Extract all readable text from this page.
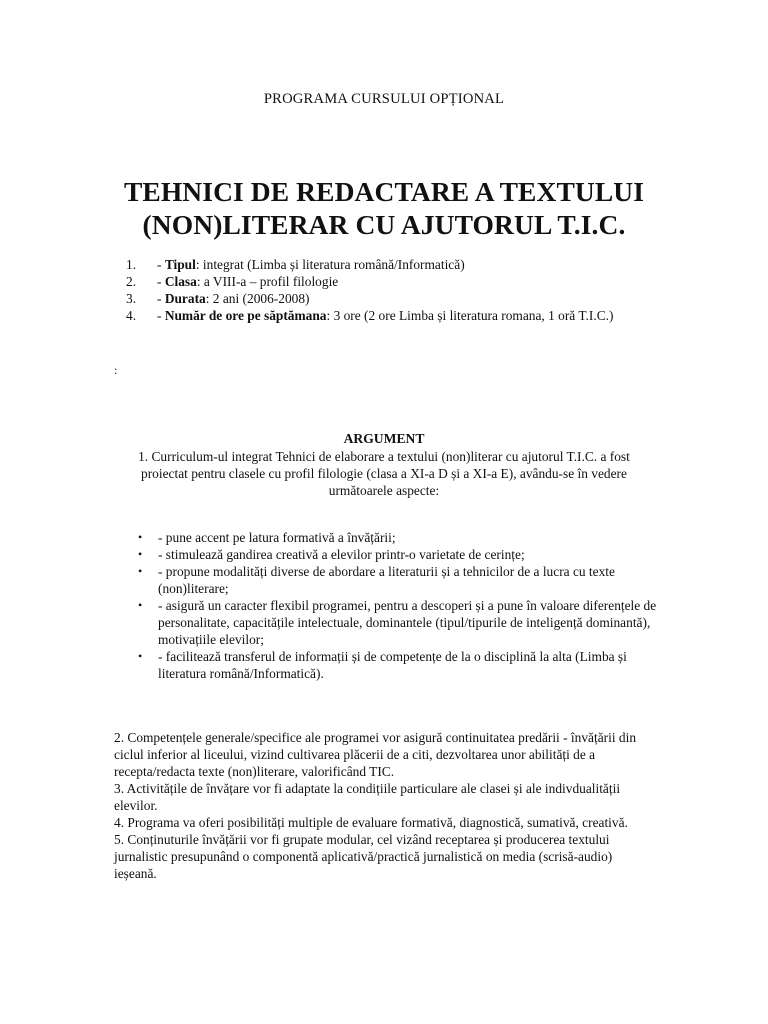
PROGRAMA CURSULUI OPȚIONAL
TEHNICI DE REDACTARE A TEXTULUI
(NON)LITERAR CU AJUTORUL T.I.C.
1. - Tipul: integrat (Limba și literatura română/Informatică)
2. - Clasa: a VIII-a – profil filologie
3. - Durata: 2 ani (2006-2008)
4. - Număr de ore pe săptămana: 3 ore (2 ore Limba și literatura romana, 1 oră T.I.C.)
:
ARGUMENT
1. Curriculum-ul integrat Tehnici de elaborare a textului (non)literar cu ajutorul T.I.C. a fost proiectat pentru clasele cu profil filologie (clasa a XI-a D și a XI-a E), avându-se în vedere următoarele aspecte:
• - pune accent pe latura formativă a învățării;
• - stimulează gandirea creativă a elevilor printr-o varietate de cerințe;
• - propune modalități diverse de abordare a literaturii și a tehnicilor de a lucra cu texte (non)literare;
• - asigură un caracter flexibil programei, pentru a descoperi și a pune în valoare diferențele de personalitate, capacitățile intelectuale, dominantele (tipul/tipurile de inteligență dominantă), motivațiile elevilor;
• - facilitează transferul de informații și de competențe de la o disciplină la alta (Limba și literatura română/Informatică).
2. Competențele generale/specifice ale programei vor asigură continuitatea predării - învățării din ciclul inferior al liceului, vizind cultivarea plăcerii de a citi, dezvoltarea unor abilități de a recepta/redacta texte (non)literare, valorificând TIC.
3. Activitățile de învățare vor fi adaptate la condițiile particulare ale clasei și ale indivdualității elevilor.
4. Programa va oferi posibilități multiple de evaluare formativă, diagnostică, sumativă, creativă.
5. Conținuturile învățării vor fi grupate modular, cel vizând receptarea și producerea textului jurnalistic presupunând o componentă aplicativă/practică jurnalistică on media (scrisă-audio) ieșeană.
